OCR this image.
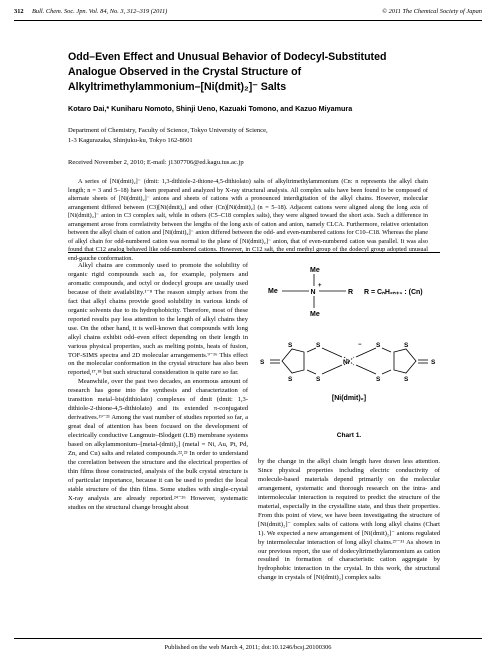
312 Bull. Chem. Soc. Jpn. Vol. 84, No. 3, 312–319 (2011)	© 2011 The Chemical Society of Japan
Odd–Even Effect and Unusual Behavior of Dodecyl-Substituted
Analogue Observed in the Crystal Structure of
Alkyltrimethylammonium–[Ni(dmit)₂]⁻ Salts
Kotaro Dai,* Kuniharu Nomoto, Shinji Ueno, Kazuaki Tomono, and Kazuo Miyamura
Department of Chemistry, Faculty of Science, Tokyo University of Science,
1-3 Kagurazaka, Shinjuku-ku, Tokyo 162-8601
Received November 2, 2010; E-mail: j1307706@ed.kagu.tus.ac.jp
A series of [Ni(dmit)₂]⁻ (dmit: 1,3-dithiole-2-thione-4,5-dithiolato) salts of alkyltrimethylammonium (Cn: n represents the alkyl chain length; n = 3 and 5–18) have been prepared and analyzed by X-ray structural analysis. All complex salts have been found to be composed of alternate sheets of [Ni(dmit)₂]⁻ anions and sheets of cations with a pronounced interdigitation of the alkyl chains. However, molecular arrangement differed between (C3)[Ni(dmit)₂] and other (Cn)[Ni(dmit)₂] (n = 5–18). Adjacent cations were aligned along the long axis of [Ni(dmit)₂]⁻ anion in C3 complex salt, while in others (C5–C18 complex salts), they were aligned toward the short axis. Such a difference in arrangement arose from correlativity between the lengths of the long axis of cation and anion, namely CLCA. Furthermore, relative orientation between the alkyl chain of cation and [Ni(dmit)₂]⁻ anion differed between the odd- and even-numbered cations for C10–C18. Whereas the plane of alkyl chain for odd-numbered cation was normal to the plane of [Ni(dmit)₂]⁻ anion, that of even-numbered cation was parallel. It was also found that C12 analog behaved like odd-numbered cations. However, in C12 salt, the end methyl group of the dodecyl group adopted unusual end-gauche conformation.

Alkyl chains are commonly used to promote the solubility of organic rigid compounds such as, for example, polymers and aromatic compounds, and octyl or dodecyl groups are usually used because of their availability.¹⁻⁸ The reason simply arises from the fact that alkyl chains provide good solubility in various kinds of organic solvents due to its hydrophobicity. Therefore, most of these reported results pay less attention to the length of alkyl chains they use. On the other hand, it is well-known that compounds with long alkyl chains exhibit odd–even effect depending on their length in various physical properties, such as melting points, heats of fusion, TOF-SIMS spectra and 2D molecular arrangements.⁹⁻¹⁶ This effect on the molecular conformation in the crystal structure has also been reported,¹⁷,¹⁸ but such structural consideration is quite rare so far.

Meanwhile, over the past two decades, an enormous amount of research has gone into the synthesis and characterization of transition metal–bis(dithiolato) complexes of dmit (dmit: 1,3-dithiole-2-thione-4,5-dithiolato) and its extended π-conjugated derivatives.¹⁹⁻²¹ Among the vast number of studies reported so far, a great deal of attention has been focused on the development of electrically conductive Langmuir–Blodgett (LB) membrane systems based on alkylammonium–[metal-(dmit)₂] (metal = Ni, Au, Pt, Pd, Zn, and Cu) salts and related compounds.²²,²³ In order to understand the correlation between the structure and the electrical properties of thin films those constructed, analysis of the bulk crystal structure is of particular importance, because it can be used to predict the local stable structure of the thin films. Some studies with single-crystal X-ray analysis are already reported.²⁴⁻²⁶ However, systematic studies on the structural change brought about

Me
Me	N
+
R R = CₙH₂ₙ₊₁ : (Cn)
Me
S
S
S
S
S
Ni
S
S
S
S
S
−
[Ni(dmit)₂]
Chart 1.

by the change in the alkyl chain length have drawn less attention. Since physical properties including electric conductivity of molecule-based materials depend primarily on the molecular arrangement, systematic and thorough research on the intra- and intermolecular interaction is required to predict the structure of the material, especially in the crystalline state, and thus their properties. From this point of view, we have been investigating the structure of [Ni(dmit)₂]⁻ complex salts of cations with long alkyl chains (Chart 1). We expected a new arrangement of [Ni(dmit)₂]⁻ anions regulated by intermolecular interaction of long alkyl chains.²⁷⁻³¹ As shown in our previous report, the use of dodecyltrimethylammonium as cation resulted in formation of characteristic cation aggregate by hydrophobic interaction in the crystal. In this work, the structural change in crystals of [Ni(dmit)₂] complex salts

Published on the web March 4, 2011; doi:10.1246/bcsj.20100306
